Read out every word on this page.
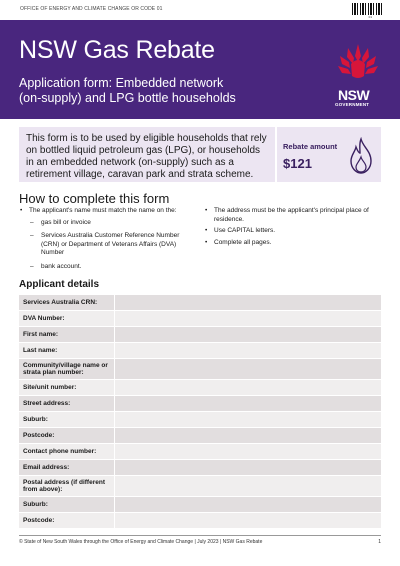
OFFICE OF ENERGY AND CLIMATE CHANGE OR CODE 01
01
NSW Gas Rebate
Application form: Embedded network
(on-supply) and LPG bottle households	NSW
GOVERNMENT
This form is to be used by eligible households that rely on bottled liquid petroleum gas (LPG), or households in an embedded network (on-supply) such as a retirement village, caravan park and strata scheme.
Rebate amount
$121
How to complete this form
• The applicant's name must match the name on the:
– gas bill or invoice
– Services Australia Customer Reference Number (CRN) or Department of Veterans Affairs (DVA) Number
– bank account.
• The address must be the applicant's principal place of residence.
• Use CAPITAL letters.
• Complete all pages.
Applicant details
Services Australia CRN:
DVA Number:
First name:
Last name:
Community/village name or strata plan number:
Site/unit number:
Street address:
Suburb:
Postcode:
Contact phone number:
Email address:
Postal address (if different from above):
Suburb:
Postcode:
© State of New South Wales through the Office of Energy and Climate Change | July 2023 | NSW Gas Rebate	1
